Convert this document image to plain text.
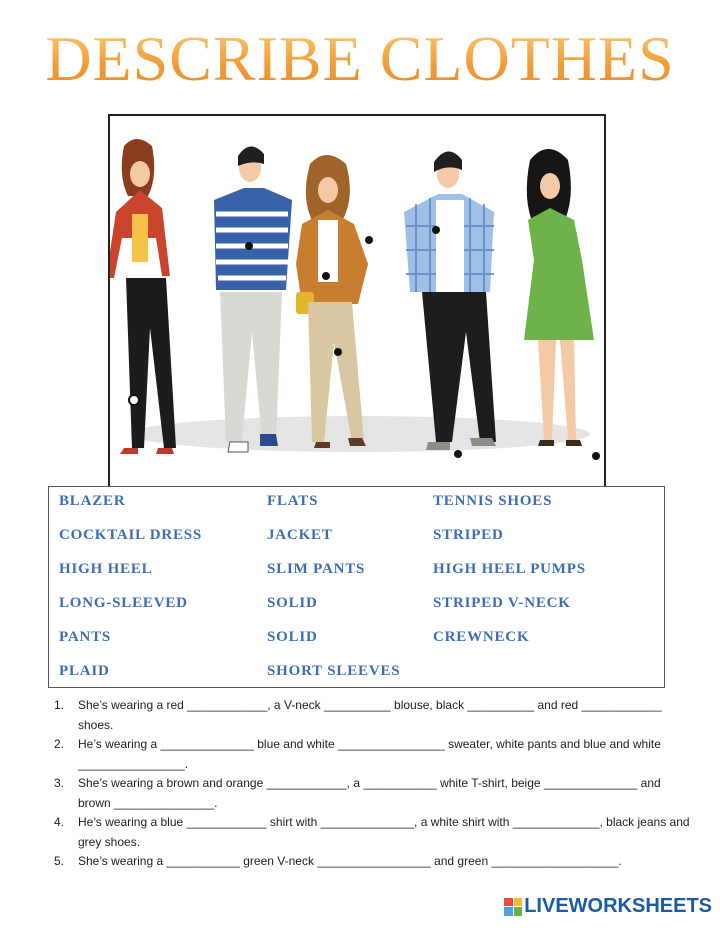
DESCRIBE CLOTHES
BLAZER
COCKTAIL DRESS
HIGH HEEL
LONG-SLEEVED
PANTS
PLAID
FLATS
JACKET
SLIM PANTS
SOLID
SOLID
SHORT SLEEVES
TENNIS SHOES
STRIPED
HIGH HEEL PUMPS
STRIPED V-NECK
CREWNECK
1. She’s wearing a red ____________, a V-neck __________ blouse, black __________ and red ____________ shoes.
2. He’s wearing a ______________ blue and white ________________ sweater, white pants and blue and white ________________.
3. She’s wearing a brown and orange ____________, a ___________ white T-shirt, beige ______________ and brown _______________.
4. He’s wearing a blue ____________ shirt with ______________, a white shirt with _____________, black jeans and grey shoes.
5. She’s wearing a ___________ green V-neck _________________ and green ___________________.
LIVEWORKSHEETS
